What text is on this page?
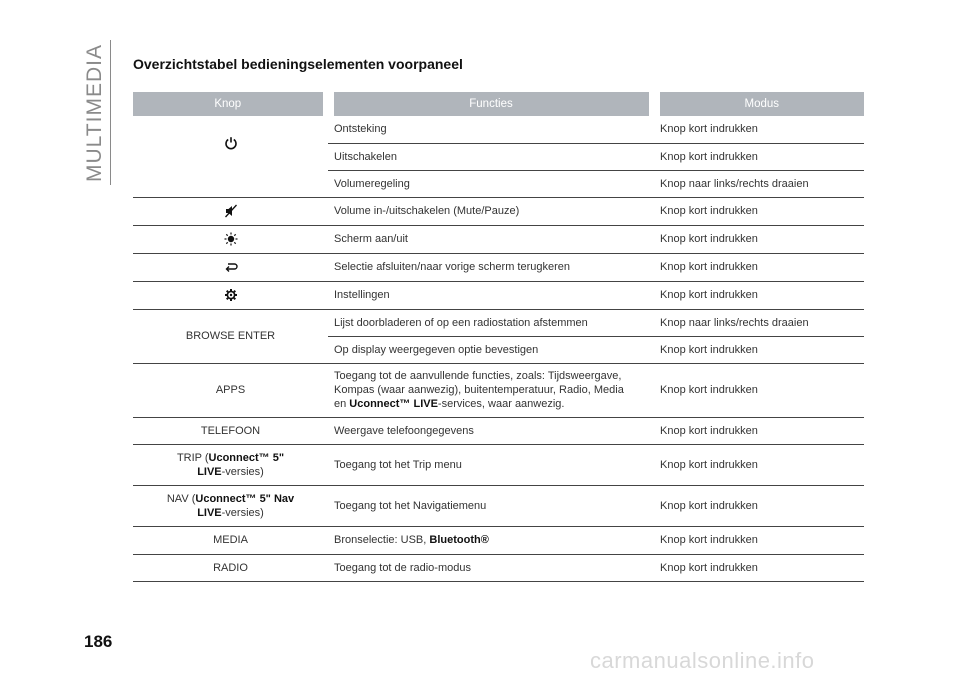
MULTIMEDIA Overzichtstabel bedieningselementen voorpaneel
Knop	Functies	Modus

	Ontsteking	Knop kort indrukken
	Uitschakelen	Knop kort indrukken
	Volumeregeling	Knop naar links/rechts draaien

	Volume in-/uitschakelen (Mute/Pauze)	Knop kort indrukken

	Scherm aan/uit	Knop kort indrukken

	Selectie afsluiten/naar vorige scherm terugkeren	Knop kort indrukken

	Instellingen	Knop kort indrukken
BROWSE ENTER	Lijst doorbladeren of op een radiostation afstemmen	Knop naar links/rechts draaien
	Op display weergegeven optie bevestigen	Knop kort indrukken
APPS	Toegang tot de aanvullende functies, zoals: Tijdsweergave,
Kompas (waar aanwezig), buitentemperatuur, Radio, Media
en Uconnect™ LIVE-services, waar aanwezig.	Knop kort indrukken
TELEFOON	Weergave telefoongegevens	Knop kort indrukken
TRIP (Uconnect™ 5"
LIVE-versies)	Toegang tot het Trip menu	Knop kort indrukken
NAV (Uconnect™ 5" Nav
LIVE-versies)	Toegang tot het Navigatiemenu	Knop kort indrukken
MEDIA	Bronselectie: USB, Bluetooth®	Knop kort indrukken
RADIO	Toegang tot de radio-modus	Knop kort indrukken
186
carmanualsonline.info
